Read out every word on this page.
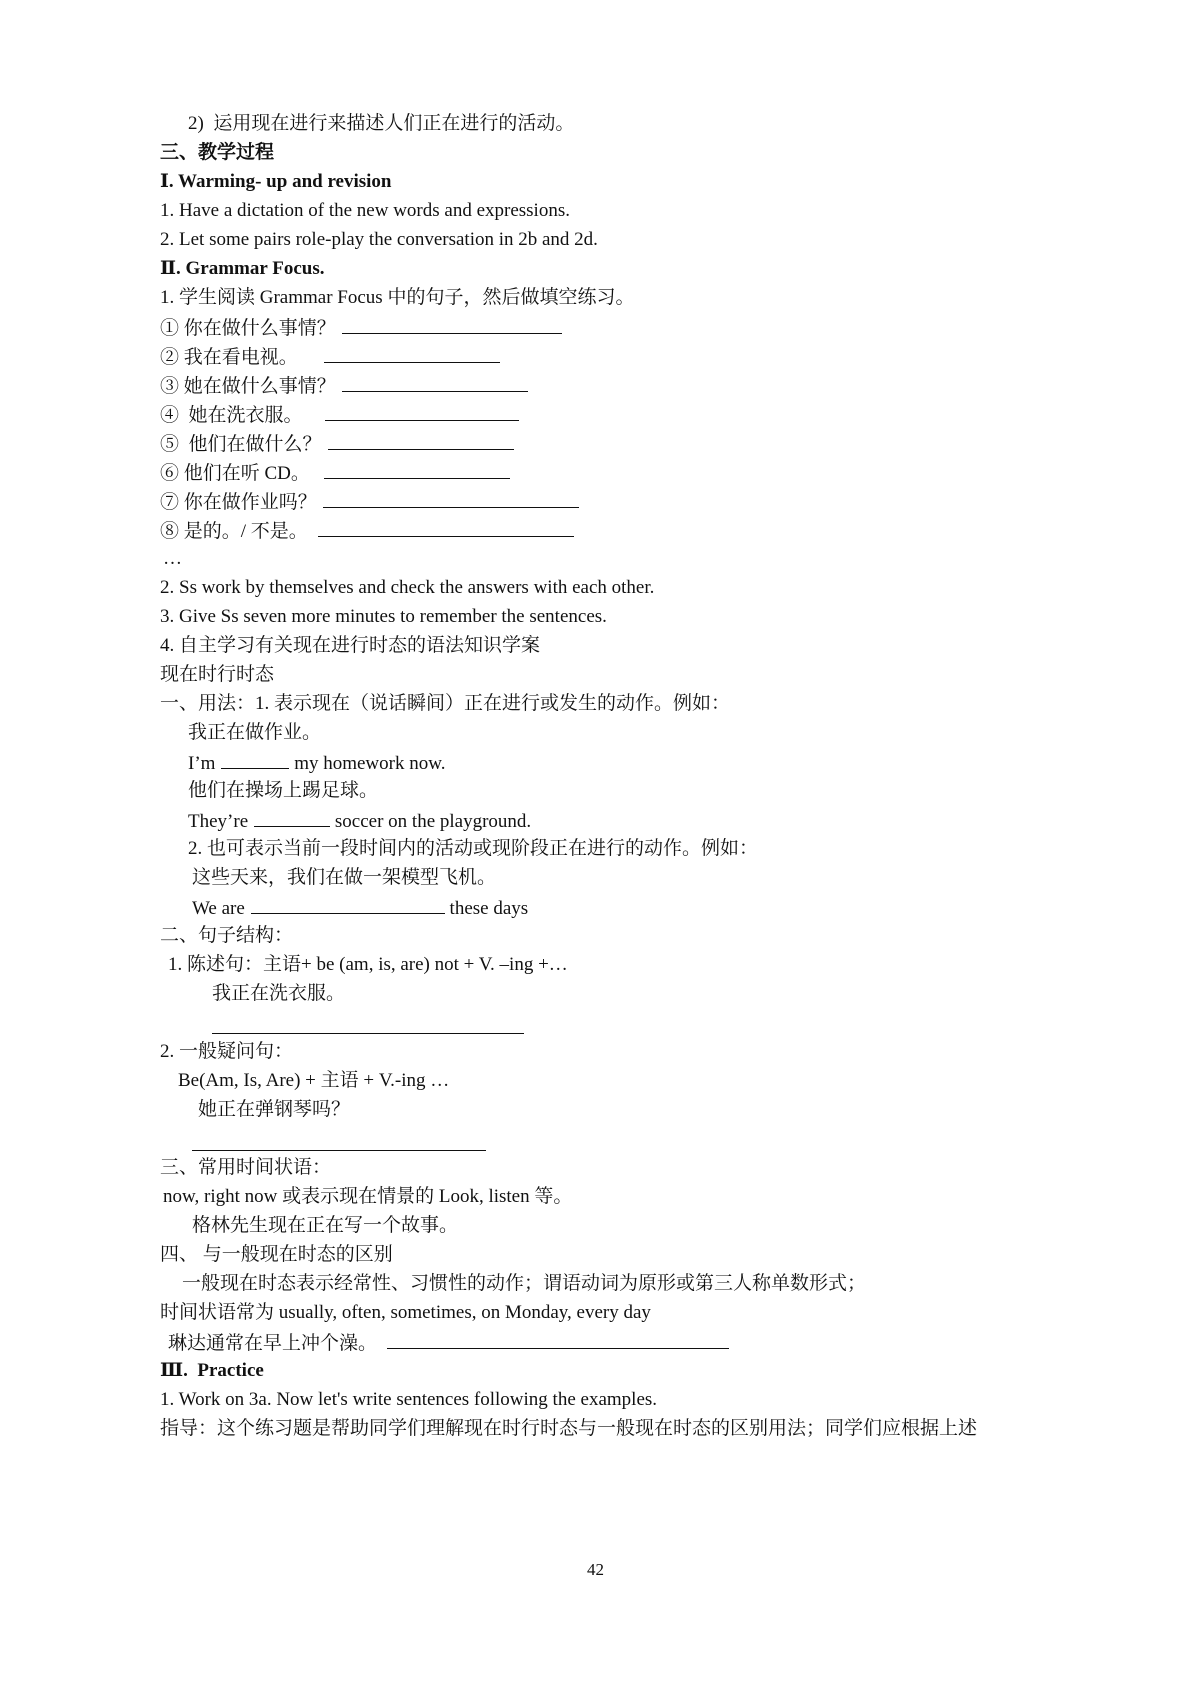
2)  运用现在进行来描述人们正在进行的活动。
三、教学过程
Ⅰ. Warming- up and revision
1. Have a dictation of the new words and expressions.
2. Let some pairs role-play the conversation in 2b and 2d.
Ⅱ. Grammar Focus.
1. 学生阅读 Grammar Focus 中的句子，然后做填空练习。
① 你在做什么事情？
② 我在看电视。
③ 她在做什么事情？
④  她在洗衣服。
⑤  他们在做什么？
⑥ 他们在听 CD。
⑦ 你在做作业吗？
⑧ 是的。/ 不是。
…
2. Ss work by themselves and check the answers with each other.
3. Give Ss seven more minutes to remember the sentences.
4. 自主学习有关现在进行时态的语法知识学案
现在时行时态
一、用法：1. 表示现在（说话瞬间）正在进行或发生的动作。例如：
我正在做作业。
I’m	my homework now.
他们在操场上踢足球。
They’re	soccer on the playground.
2. 也可表示当前一段时间内的活动或现阶段正在进行的动作。例如：
这些天来，我们在做一架模型飞机。
We are	these days
二、句子结构：
1. 陈述句：主语+ be (am, is, are) not + V. –ing +…
我正在洗衣服。
2. 一般疑问句：
Be(Am, Is, Are) + 主语 + V.-ing …
她正在弹钢琴吗？
三、常用时间状语：
now, right now 或表示现在情景的 Look, listen 等。
格林先生现在正在写一个故事。
四、 与一般现在时态的区别
一般现在时态表示经常性、习惯性的动作；谓语动词为原形或第三人称单数形式；
时间状语常为 usually, often, sometimes, on Monday, every day
琳达通常在早上冲个澡。
Ⅲ.  Practice
1. Work on 3a. Now let's write sentences following the examples.
指导：这个练习题是帮助同学们理解现在时行时态与一般现在时态的区别用法；同学们应根据上述
42
